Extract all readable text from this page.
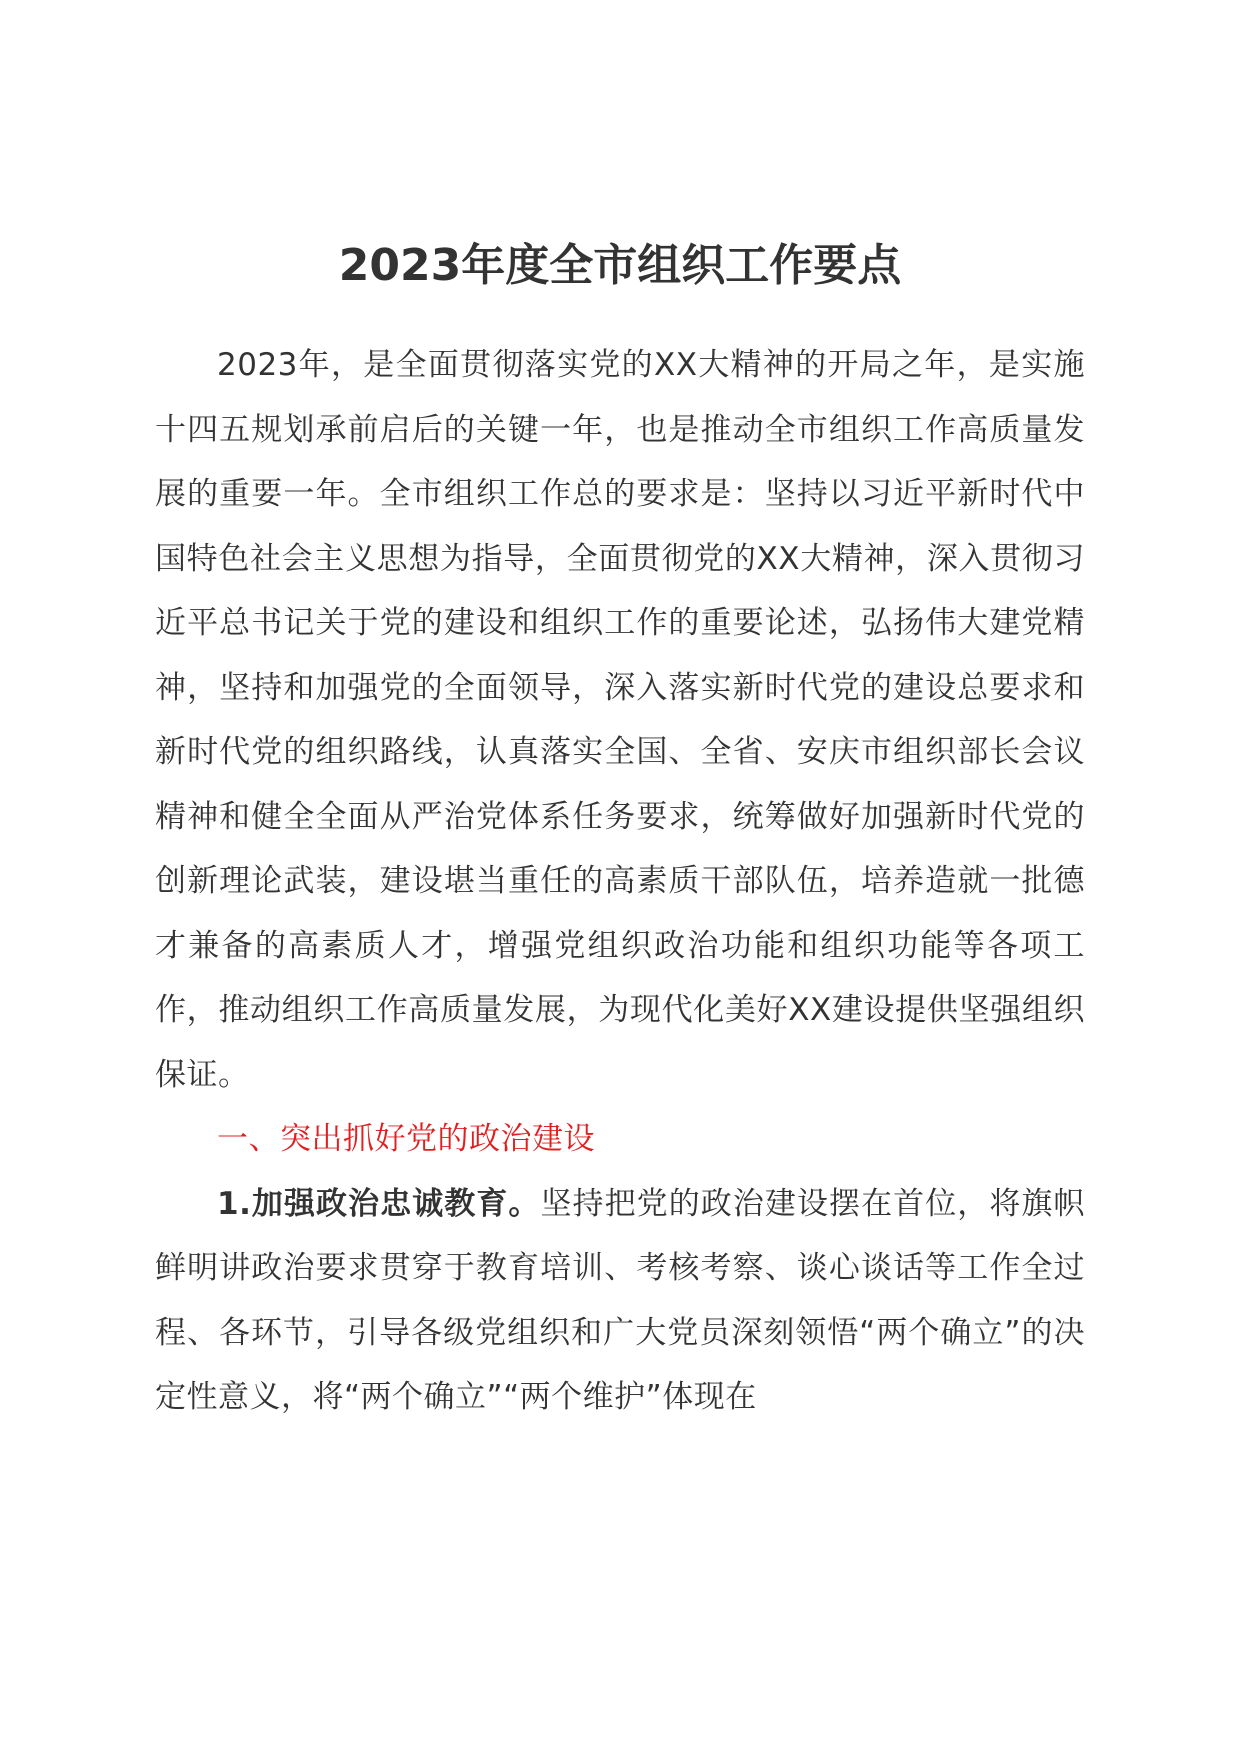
2023年度全市组织工作要点

2023年，是全面贯彻落实党的XX大精神的开局之年，是实施十四五规划承前启后的关键一年，也是推动全市组织工作高质量发展的重要一年。全市组织工作总的要求是：坚持以习近平新时代中国特色社会主义思想为指导，全面贯彻党的XX大精神，深入贯彻习近平总书记关于党的建设和组织工作的重要论述，弘扬伟大建党精神，坚持和加强党的全面领导，深入落实新时代党的建设总要求和新时代党的组织路线，认真落实全国、全省、安庆市组织部长会议精神和健全全面从严治党体系任务要求，统筹做好加强新时代党的创新理论武装，建设堪当重任的高素质干部队伍，培养造就一批德才兼备的高素质人才，增强党组织政治功能和组织功能等各项工作，推动组织工作高质量发展，为现代化美好XX建设提供坚强组织保证。

一、突出抓好党的政治建设

1.加强政治忠诚教育。坚持把党的政治建设摆在首位，将旗帜鲜明讲政治要求贯穿于教育培训、考核考察、谈心谈话等工作全过程、各环节，引导各级党组织和广大党员深刻领悟“两个确立”的决定性意义，将“两个确立”“两个维护”体现在
